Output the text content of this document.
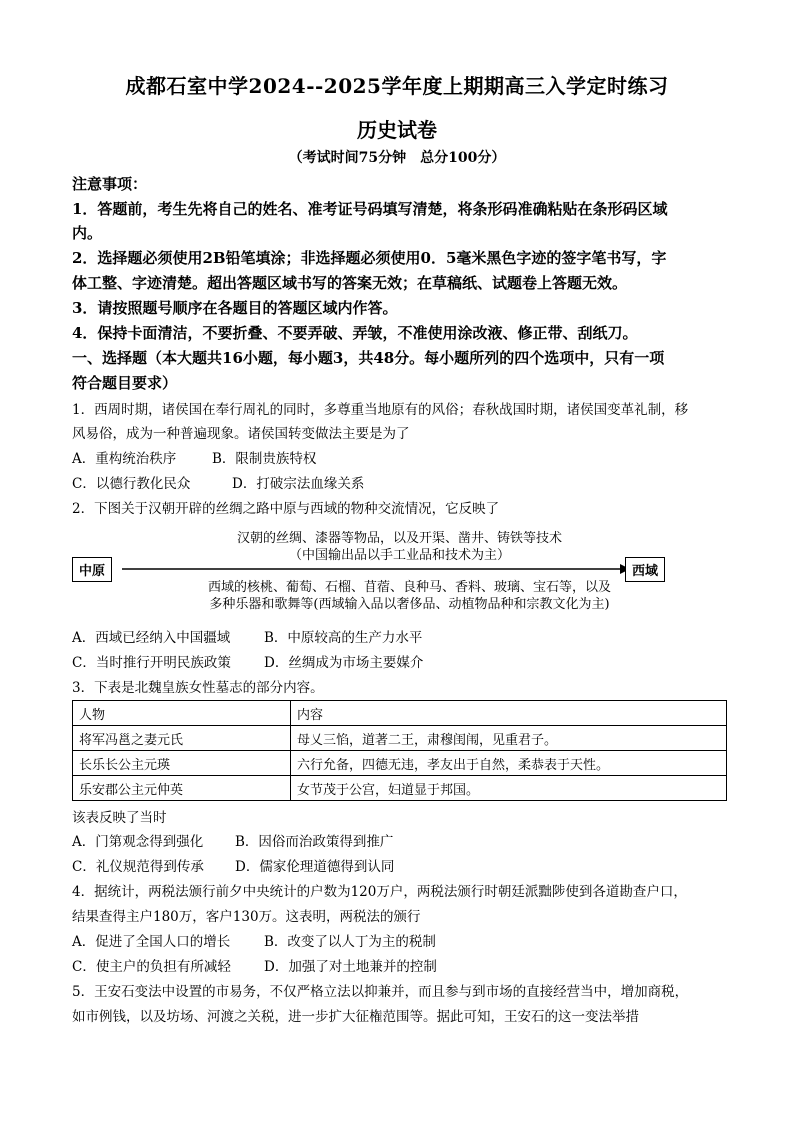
成都石室中学2024--2025学年度上期期高三入学定时练习
历史试卷
（考试时间75分钟　总分100分）
注意事项：
1．答题前，考生先将自己的姓名、准考证号码填写清楚，将条形码准确粘贴在条形码区域
内。
2．选择题必须使用2B铅笔填涂；非选择题必须使用0．5毫米黑色字迹的签字笔书写，字
体工整、字迹清楚。超出答题区域书写的答案无效；在草稿纸、试题卷上答题无效。
3．请按照题号顺序在各题目的答题区域内作答。
4．保持卡面清洁，不要折叠、不要弄破、弄皱，不准使用涂改液、修正带、刮纸刀。
一、选择题（本大题共16小题，每小题3，共48分。每小题所列的四个选项中，只有一项
符合题目要求）
1．西周时期，诸侯国在奉行周礼的同时，多尊重当地原有的风俗；春秋战国时期，诸侯国变革礼制，移
风易俗，成为一种普遍现象。诸侯国转变做法主要是为了
A．重构统治秩序	B．限制贵族特权
C．以德行教化民众	D．打破宗法血缘关系
2．下图关于汉朝开辟的丝绸之路中原与西域的物种交流情况，它反映了
汉朝的丝绸、漆器等物品，以及开渠、凿井、铸铁等技术
（中国输出品以手工业品和技术为主）
中原	西域
西域的核桃、葡萄、石榴、苜蓿、良种马、香料、玻璃、宝石等，以及
多种乐器和歌舞等(西域输入品以奢侈品、动植物品种和宗教文化为主)
A．西域已经纳入中国疆域	B．中原较高的生产力水平
C．当时推行开明民族政策 D．丝绸成为市场主要媒介
3．下表是北魏皇族女性墓志的部分内容。
人物	内容
将军冯邕之妻元氏	母乂三惂，道著二王，肃穆闺闱，见重君子。
长乐长公主元瑛	六行允备，四德无违，孝友出于自然，柔恭表于天性。
乐安郡公主元仲英	女节茂于公宫，妇道显于邦国。
该表反映了当时
A．门第观念得到强化 B．因俗而治政策得到推广
C．礼仪规范得到传承 D．儒家伦理道德得到认同
4．据统计，两税法颁行前夕中央统计的户数为120万户，两税法颁行时朝廷派黜陟使到各道勘查户口，
结果查得主户180万，客户130万。这表明，两税法的颁行
A．促进了全国人口的增长	B．改变了以人丁为主的税制
C．使主户的负担有所减轻 D．加强了对土地兼并的控制
5．王安石变法中设置的市易务，不仅严格立法以抑兼并，而且参与到市场的直接经营当中，增加商税，
如市例钱，以及坊场、河渡之关税，进一步扩大征権范围等。据此可知，王安石的这一变法举措
